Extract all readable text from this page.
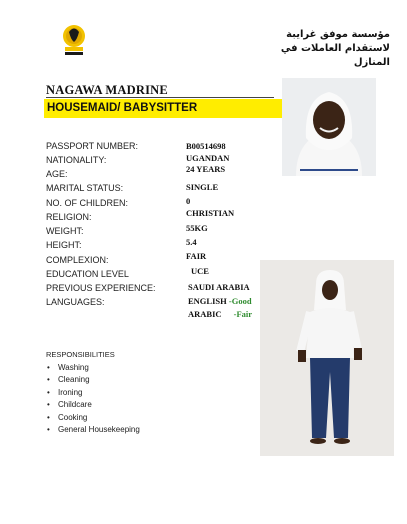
مؤسسة موفق غرايبة لاستقدام العاملات في المنازل
NAGAWA MADRINE
HOUSEMAID/ BABYSITTER
PASSPORT NUMBER:	B00514698
NATIONALITY:	UGANDAN
AGE:	24 YEARS
MARITAL STATUS:	SINGLE
NO. OF CHILDREN:	0
RELIGION:	CHRISTIAN
WEIGHT:	55KG
HEIGHT:	5.4
COMPLEXION:	FAIR
EDUCATION LEVEL	UCE
PREVIOUS EXPERIENCE:	SAUDI ARABIA
LANGUAGES:	ENGLISH -Good
ARABIC -Fair
RESPONSIBILITIES
• Washing
• Cleaning
• Ironing
• Childcare
• Cooking
• General Housekeeping
